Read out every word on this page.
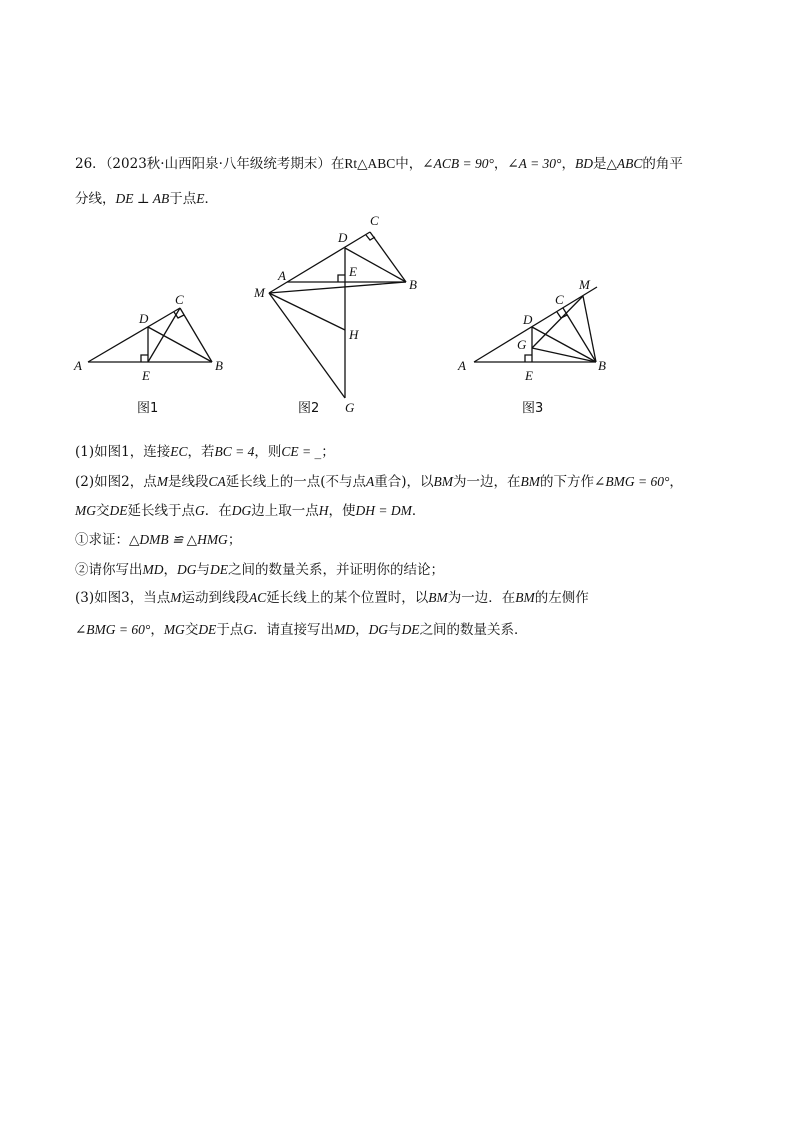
26．（2023秋·山西阳泉·八年级统考期末）在Rt△ABC中，∠ACB = 90°，∠A = 30°，BD是△ABC的角平
分线，DE ⊥ AB于点E．
A	B
C
D
E
图1
A
B
C
D
E
M
H
G
图2
A	B
C
D
E
M
G
图3
(1)如图1，连接EC，若BC = 4，则CE = _；
(2)如图2，点M是线段CA延长线上的一点(不与点A重合)，以BM为一边，在BM的下方作∠BMG = 60°，
MG交DE延长线于点G．在DG边上取一点H，使DH = DM．
①求证：△DMB ≌ △HMG；
②请你写出MD，DG与DE之间的数量关系，并证明你的结论；
(3)如图3，当点M运动到线段AC延长线上的某个位置时，以BM为一边．在BM的左侧作
∠BMG = 60°，MG交DE于点G．请直接写出MD，DG与DE之间的数量关系．
